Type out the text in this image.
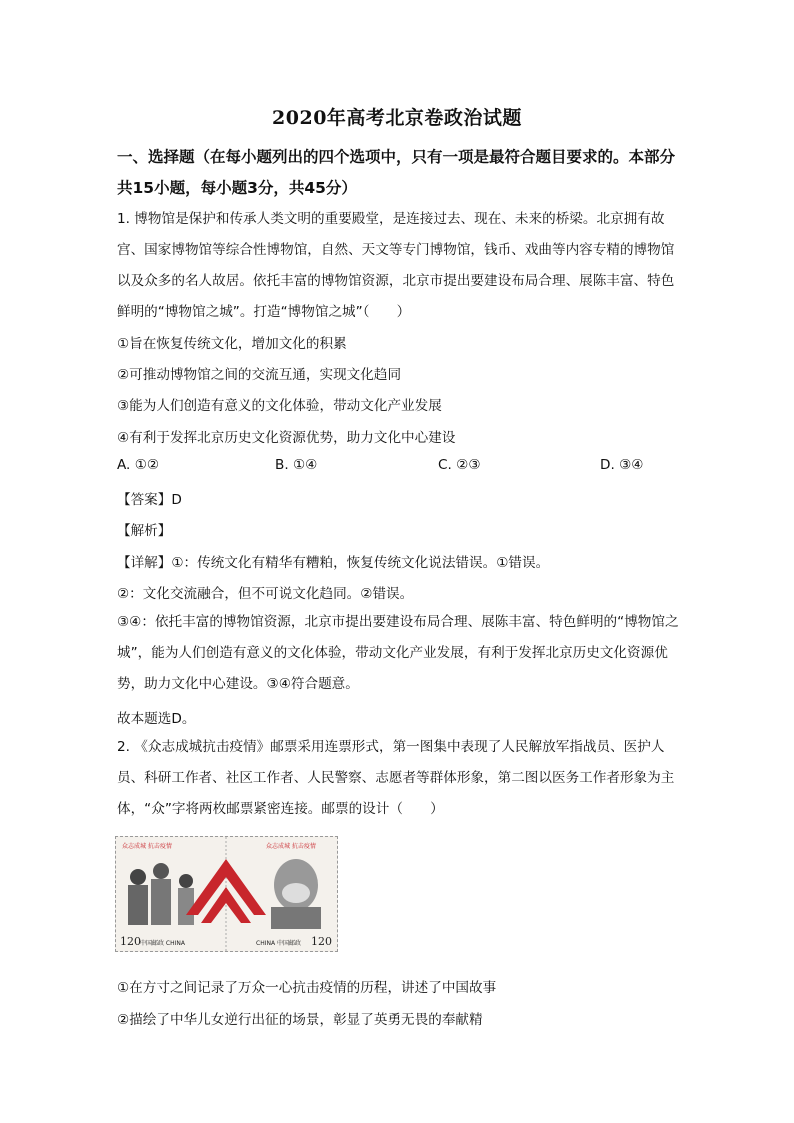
2020年高考北京卷政治试题
一、选择题（在每小题列出的四个选项中，只有一项是最符合题目要求的。本部分共15小题，每小题3分，共45分）
1. 博物馆是保护和传承人类文明的重要殿堂，是连接过去、现在、未来的桥梁。北京拥有故宫、国家博物馆等综合性博物馆，自然、天文等专门博物馆，钱币、戏曲等内容专精的博物馆以及众多的名人故居。依托丰富的博物馆资源，北京市提出要建设布局合理、展陈丰富、特色鲜明的“博物馆之城”。打造“博物馆之城”（　　）
①旨在恢复传统文化，增加文化的积累
②可推动博物馆之间的交流互通，实现文化趋同
③能为人们创造有意义的文化体验，带动文化产业发展
④有利于发挥北京历史文化资源优势，助力文化中心建设
A. ①②	B. ①④	C. ②③	D. ③④
【答案】D
【解析】
【详解】①：传统文化有精华有糟粕，恢复传统文化说法错误。①错误。
②：文化交流融合，但不可说文化趋同。②错误。
③④：依托丰富的博物馆资源，北京市提出要建设布局合理、展陈丰富、特色鲜明的“博物馆之城”，能为人们创造有意义的文化体验，带动文化产业发展，有利于发挥北京历史文化资源优势，助力文化中心建设。③④符合题意。
故本题选D。
2. 《众志成城抗击疫情》邮票采用连票形式，第一图集中表现了人民解放军指战员、医护人员、科研工作者、社区工作者、人民警察、志愿者等群体形象，第二图以医务工作者形象为主体，“众”字将两枚邮票紧密连接。邮票的设计（　　）
众志成城 抗击疫情	众志成城 抗击疫情
120 中国邮政 CHINA	CHINA 中国邮政 120
①在方寸之间记录了万众一心抗击疫情的历程，讲述了中国故事
②描绘了中华儿女逆行出征的场景，彰显了英勇无畏的奉献精
